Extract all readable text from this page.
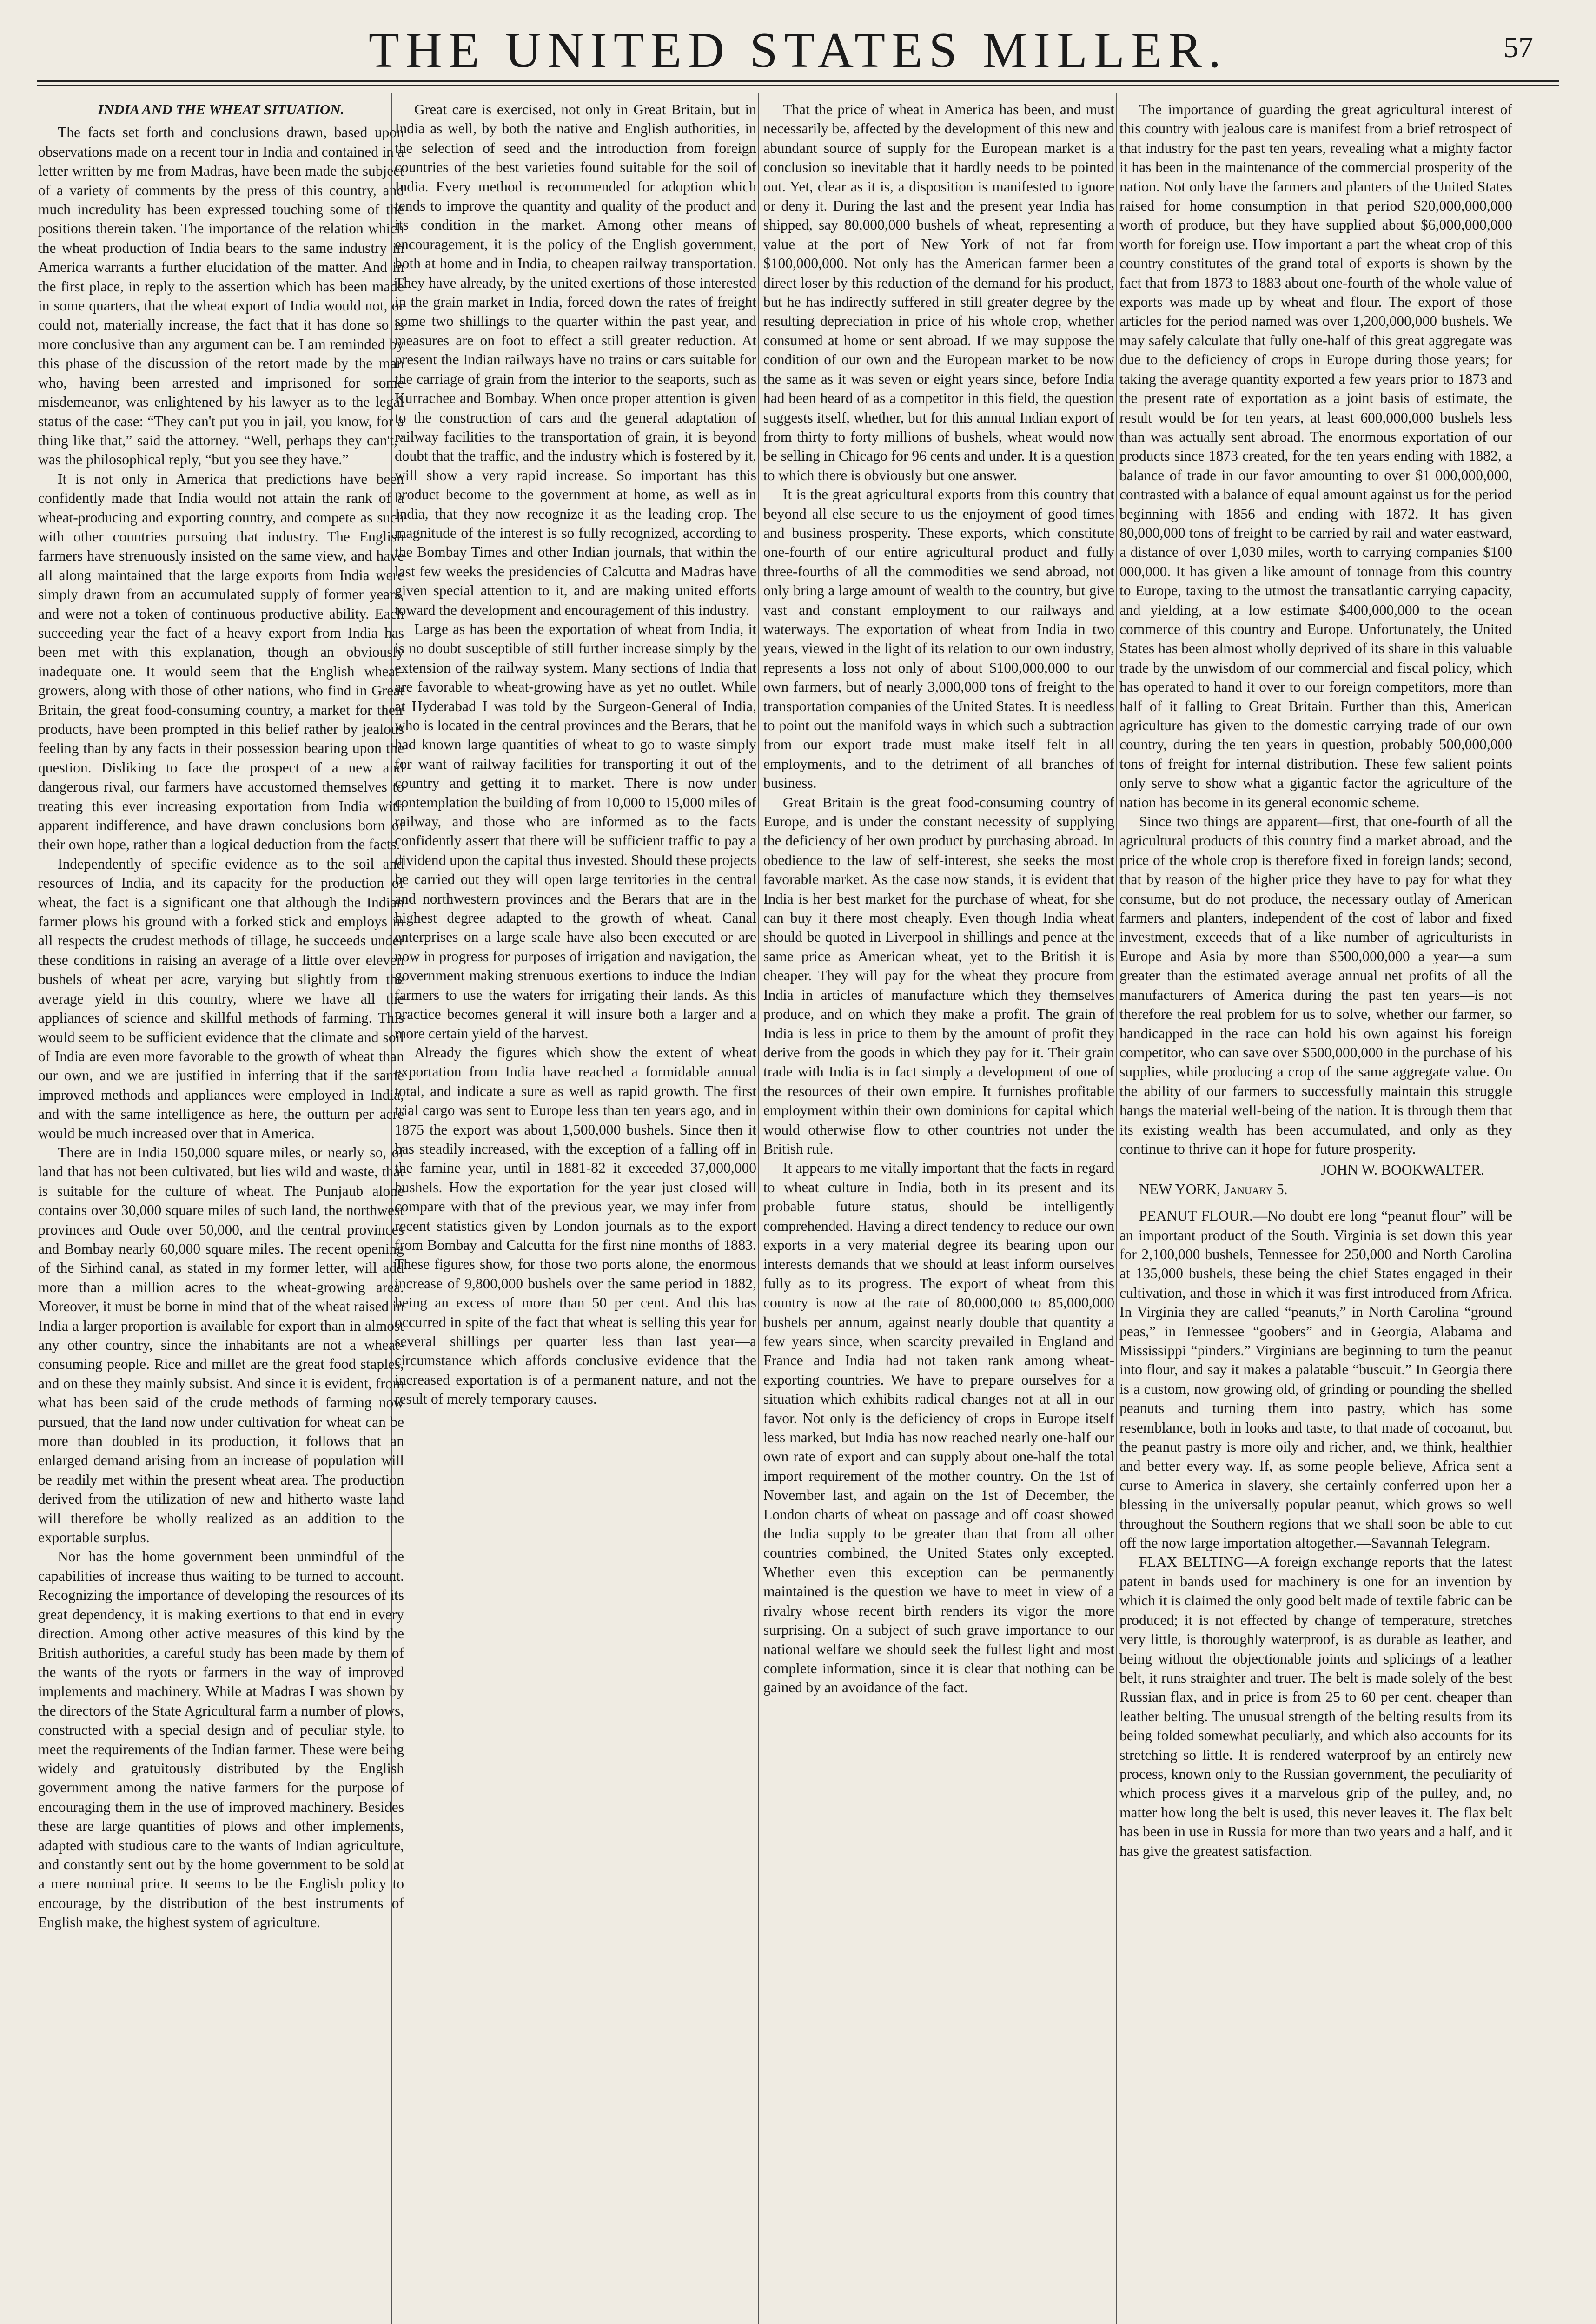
THE UNITED STATES MILLER.	57

INDIA AND THE WHEAT SITUATION.

The facts set forth and conclusions drawn, based upon observations made on a recent tour in India and contained in a letter written by me from Madras, have been made the subject of a variety of comments by the press of this country, and much incredulity has been expressed touching some of the positions therein taken. The importance of the relation which the wheat production of India bears to the same industry in America warrants a further elucidation of the matter. And in the first place, in reply to the assertion which has been made in some quarters, that the wheat export of India would not, or could not, materially increase, the fact that it has done so is more conclusive than any argument can be. I am reminded by this phase of the discussion of the retort made by the man who, having been arrested and imprisoned for some misdemeanor, was enlightened by his lawyer as to the legal status of the case: “They can't put you in jail, you know, for a thing like that,” said the attorney. “Well, perhaps they can't,” was the philosophical reply, “but you see they have.”

It is not only in America that predictions have been confidently made that India would not attain the rank of a wheat-producing and exporting country, and compete as such with other countries pursuing that industry. The English farmers have strenuously insisted on the same view, and have all along maintained that the large exports from India were simply drawn from an accumulated supply of former years, and were not a token of continuous productive ability. Each succeeding year the fact of a heavy export from India has been met with this explanation, though an obviously inadequate one. It would seem that the English wheat-growers, along with those of other nations, who find in Great Britain, the great food-consuming country, a market for their products, have been prompted in this belief rather by jealous feeling than by any facts in their possession bearing upon the question. Disliking to face the prospect of a new and dangerous rival, our farmers have accustomed themselves to treating this ever increasing exportation from India with apparent indifference, and have drawn conclusions born of their own hope, rather than a logical deduction from the facts.

Independently of specific evidence as to the soil and resources of India, and its capacity for the production of wheat, the fact is a significant one that although the Indian farmer plows his ground with a forked stick and employs in all respects the crudest methods of tillage, he succeeds under these conditions in raising an average of a little over eleven bushels of wheat per acre, varying but slightly from the average yield in this country, where we have all the appliances of science and skillful methods of farming. This would seem to be sufficient evidence that the climate and soil of India are even more favorable to the growth of wheat than our own, and we are justified in inferring that if the same improved methods and appliances were employed in India, and with the same intelligence as here, the outturn per acre would be much increased over that in America.

There are in India 150,000 square miles, or nearly so, of land that has not been cultivated, but lies wild and waste, that is suitable for the culture of wheat. The Punjaub alone contains over 30,000 square miles of such land, the northwest provinces and Oude over 50,000, and the central provinces and Bombay nearly 60,000 square miles. The recent opening of the Sirhind canal, as stated in my former letter, will add more than a million acres to the wheat-growing area. Moreover, it must be borne in mind that of the wheat raised in India a larger proportion is available for export than in almost any other country, since the inhabitants are not a wheat-consuming people. Rice and millet are the great food staples, and on these they mainly subsist. And since it is evident, from what has been said of the crude methods of farming now pursued, that the land now under cultivation for wheat can be more than doubled in its production, it follows that an enlarged demand arising from an increase of population will be readily met within the present wheat area. The production derived from the utilization of new and hitherto waste land will therefore be wholly realized as an addition to the exportable surplus.

Nor has the home government been unmindful of the capabilities of increase thus waiting to be turned to account. Recognizing the importance of developing the resources of its great dependency, it is making exertions to that end in every direction. Among other active measures of this kind by the British authorities, a careful study has been made by them of the wants of the ryots or farmers in the way of improved implements and machinery. While at Madras I was shown by the directors of the State Agricultural farm a number of plows, constructed with a special design and of peculiar style, to meet the requirements of the Indian farmer. These were being widely and gratuitously distributed by the English government among the native farmers for the purpose of encouraging them in the use of improved machinery. Besides these are large quantities of plows and other implements, adapted with studious care to the wants of Indian agriculture, and constantly sent out by the home government to be sold at a mere nominal price. It seems to be the English policy to encourage, by the distribution of the best instruments of English make, the highest system of agriculture.

Great care is exercised, not only in Great Britain, but in India as well, by both the native and English authorities, in the selection of seed and the introduction from foreign countries of the best varieties found suitable for the soil of India. Every method is recommended for adoption which tends to improve the quantity and quality of the product and its condition in the market. Among other means of encouragement, it is the policy of the English government, both at home and in India, to cheapen railway transportation. They have already, by the united exertions of those interested in the grain market in India, forced down the rates of freight some two shillings to the quarter within the past year, and measures are on foot to effect a still greater reduction. At present the Indian railways have no trains or cars suitable for the carriage of grain from the interior to the seaports, such as Kurrachee and Bombay. When once proper attention is given to the construction of cars and the general adaptation of railway facilities to the transportation of grain, it is beyond doubt that the traffic, and the industry which is fostered by it, will show a very rapid increase. So important has this product become to the government at home, as well as in India, that they now recognize it as the leading crop. The magnitude of the interest is so fully recognized, according to the Bombay Times and other Indian journals, that within the last few weeks the presidencies of Calcutta and Madras have given special attention to it, and are making united efforts toward the development and encouragement of this industry.

Large as has been the exportation of wheat from India, it is no doubt susceptible of still further increase simply by the extension of the railway system. Many sections of India that are favorable to wheat-growing have as yet no outlet. While at Hyderabad I was told by the Surgeon-General of India, who is located in the central provinces and the Berars, that he had known large quantities of wheat to go to waste simply for want of railway facilities for transporting it out of the country and getting it to market. There is now under contemplation the building of from 10,000 to 15,000 miles of railway, and those who are informed as to the facts confidently assert that there will be sufficient traffic to pay a dividend upon the capital thus invested. Should these projects be carried out they will open large territories in the central and northwestern provinces and the Berars that are in the highest degree adapted to the growth of wheat. Canal enterprises on a large scale have also been executed or are now in progress for purposes of irrigation and navigation, the government making strenuous exertions to induce the Indian farmers to use the waters for irrigating their lands. As this practice becomes general it will insure both a larger and a more certain yield of the harvest.

Already the figures which show the extent of wheat exportation from India have reached a formidable annual total, and indicate a sure as well as rapid growth. The first trial cargo was sent to Europe less than ten years ago, and in 1875 the export was about 1,500,000 bushels. Since then it has steadily increased, with the exception of a falling off in the famine year, until in 1881-82 it exceeded 37,000,000 bushels. How the exportation for the year just closed will compare with that of the previous year, we may infer from recent statistics given by London journals as to the export from Bombay and Calcutta for the first nine months of 1883. These figures show, for those two ports alone, the enormous increase of 9,800,000 bushels over the same period in 1882, being an excess of more than 50 per cent. And this has occurred in spite of the fact that wheat is selling this year for several shillings per quarter less than last year—a circumstance which affords conclusive evidence that the increased exportation is of a permanent nature, and not the result of merely temporary causes.

That the price of wheat in America has been, and must necessarily be, affected by the development of this new and abundant source of supply for the European market is a conclusion so inevitable that it hardly needs to be pointed out. Yet, clear as it is, a disposition is manifested to ignore or deny it. During the last and the present year India has shipped, say 80,000,000 bushels of wheat, representing a value at the port of New York of not far from $100,000,000. Not only has the American farmer been a direct loser by this reduction of the demand for his product, but he has indirectly suffered in still greater degree by the resulting depreciation in price of his whole crop, whether consumed at home or sent abroad. If we may suppose the condition of our own and the European market to be now the same as it was seven or eight years since, before India had been heard of as a competitor in this field, the question suggests itself, whether, but for this annual Indian export of from thirty to forty millions of bushels, wheat would now be selling in Chicago for 96 cents and under. It is a question to which there is obviously but one answer.

It is the great agricultural exports from this country that beyond all else secure to us the enjoyment of good times and business prosperity. These exports, which constitute one-fourth of our entire agricultural product and fully three-fourths of all the commodities we send abroad, not only bring a large amount of wealth to the country, but give vast and constant employment to our railways and waterways. The exportation of wheat from India in two years, viewed in the light of its relation to our own industry, represents a loss not only of about $100,000,000 to our own farmers, but of nearly 3,000,000 tons of freight to the transportation companies of the United States. It is needless to point out the manifold ways in which such a subtraction from our export trade must make itself felt in all employments, and to the detriment of all branches of business.

Great Britain is the great food-consuming country of Europe, and is under the constant necessity of supplying the deficiency of her own product by purchasing abroad. In obedience to the law of self-interest, she seeks the most favorable market. As the case now stands, it is evident that India is her best market for the purchase of wheat, for she can buy it there most cheaply. Even though India wheat should be quoted in Liverpool in shillings and pence at the same price as American wheat, yet to the British it is cheaper. They will pay for the wheat they procure from India in articles of manufacture which they themselves produce, and on which they make a profit. The grain of India is less in price to them by the amount of profit they derive from the goods in which they pay for it. Their grain trade with India is in fact simply a development of one of the resources of their own empire. It furnishes profitable employment within their own dominions for capital which would otherwise flow to other countries not under the British rule.

It appears to me vitally important that the facts in regard to wheat culture in India, both in its present and its probable future status, should be intelligently comprehended. Having a direct tendency to reduce our own exports in a very material degree its bearing upon our interests demands that we should at least inform ourselves fully as to its progress. The export of wheat from this country is now at the rate of 80,000,000 to 85,000,000 bushels per annum, against nearly double that quantity a few years since, when scarcity prevailed in England and France and India had not taken rank among wheat-exporting countries. We have to prepare ourselves for a situation which exhibits radical changes not at all in our favor. Not only is the deficiency of crops in Europe itself less marked, but India has now reached nearly one-half our own rate of export and can supply about one-half the total import requirement of the mother country. On the 1st of November last, and again on the 1st of December, the London charts of wheat on passage and off coast showed the India supply to be greater than that from all other countries combined, the United States only excepted. Whether even this exception can be permanently maintained is the question we have to meet in view of a rivalry whose recent birth renders its vigor the more surprising. On a subject of such grave importance to our national welfare we should seek the fullest light and most complete information, since it is clear that nothing can be gained by an avoidance of the fact.

The importance of guarding the great agricultural interest of this country with jealous care is manifest from a brief retrospect of that industry for the past ten years, revealing what a mighty factor it has been in the maintenance of the commercial prosperity of the nation. Not only have the farmers and planters of the United States raised for home consumption in that period $20,000,000,000 worth of produce, but they have supplied about $6,000,000,000 worth for foreign use. How important a part the wheat crop of this country constitutes of the grand total of exports is shown by the fact that from 1873 to 1883 about one-fourth of the whole value of exports was made up by wheat and flour. The export of those articles for the period named was over 1,200,000,000 bushels. We may safely calculate that fully one-half of this great aggregate was due to the deficiency of crops in Europe during those years; for taking the average quantity exported a few years prior to 1873 and the present rate of exportation as a joint basis of estimate, the result would be for ten years, at least 600,000,000 bushels less than was actually sent abroad. The enormous exportation of our products since 1873 created, for the ten years ending with 1882, a balance of trade in our favor amounting to over $1 000,000,000, contrasted with a balance of equal amount against us for the period beginning with 1856 and ending with 1872. It has given 80,000,000 tons of freight to be carried by rail and water eastward, a distance of over 1,030 miles, worth to carrying companies $100 000,000. It has given a like amount of tonnage from this country to Europe, taxing to the utmost the transatlantic carrying capacity, and yielding, at a low estimate $400,000,000 to the ocean commerce of this country and Europe. Unfortunately, the United States has been almost wholly deprived of its share in this valuable trade by the unwisdom of our commercial and fiscal policy, which has operated to hand it over to our foreign competitors, more than half of it falling to Great Britain. Further than this, American agriculture has given to the domestic carrying trade of our own country, during the ten years in question, probably 500,000,000 tons of freight for internal distribution. These few salient points only serve to show what a gigantic factor the agriculture of the nation has become in its general economic scheme.

Since two things are apparent—first, that one-fourth of all the agricultural products of this country find a market abroad, and the price of the whole crop is therefore fixed in foreign lands; second, that by reason of the higher price they have to pay for what they consume, but do not produce, the necessary outlay of American farmers and planters, independent of the cost of labor and fixed investment, exceeds that of a like number of agriculturists in Europe and Asia by more than $500,000,000 a year—a sum greater than the estimated average annual net profits of all the manufacturers of America during the past ten years—is not therefore the real problem for us to solve, whether our farmer, so handicapped in the race can hold his own against his foreign competitor, who can save over $500,000,000 in the purchase of his supplies, while producing a crop of the same aggregate value. On the ability of our farmers to successfully maintain this struggle hangs the material well-being of the nation. It is through them that its existing wealth has been accumulated, and only as they continue to thrive can it hope for future prosperity.

JOHN W. BOOKWALTER.

NEW YORK, January 5.

PEANUT FLOUR.—No doubt ere long “peanut flour” will be an important product of the South. Virginia is set down this year for 2,100,000 bushels, Tennessee for 250,000 and North Carolina at 135,000 bushels, these being the chief States engaged in their cultivation, and those in which it was first introduced from Africa. In Virginia they are called “peanuts,” in North Carolina “ground peas,” in Tennessee “goobers” and in Georgia, Alabama and Mississippi “pinders.” Virginians are beginning to turn the peanut into flour, and say it makes a palatable “buscuit.” In Georgia there is a custom, now growing old, of grinding or pounding the shelled peanuts and turning them into pastry, which has some resemblance, both in looks and taste, to that made of cocoanut, but the peanut pastry is more oily and richer, and, we think, healthier and better every way. If, as some people believe, Africa sent a curse to America in slavery, she certainly conferred upon her a blessing in the universally popular peanut, which grows so well throughout the Southern regions that we shall soon be able to cut off the now large importation altogether.—Savannah Telegram.

FLAX BELTING—A foreign exchange reports that the latest patent in bands used for machinery is one for an invention by which it is claimed the only good belt made of textile fabric can be produced; it is not effected by change of temperature, stretches very little, is thoroughly waterproof, is as durable as leather, and being without the objectionable joints and splicings of a leather belt, it runs straighter and truer. The belt is made solely of the best Russian flax, and in price is from 25 to 60 per cent. cheaper than leather belting. The unusual strength of the belting results from its being folded somewhat peculiarly, and which also accounts for its stretching so little. It is rendered waterproof by an entirely new process, known only to the Russian government, the peculiarity of which process gives it a marvelous grip of the pulley, and, no matter how long the belt is used, this never leaves it. The flax belt has been in use in Russia for more than two years and a half, and it has give the greatest satisfaction.
